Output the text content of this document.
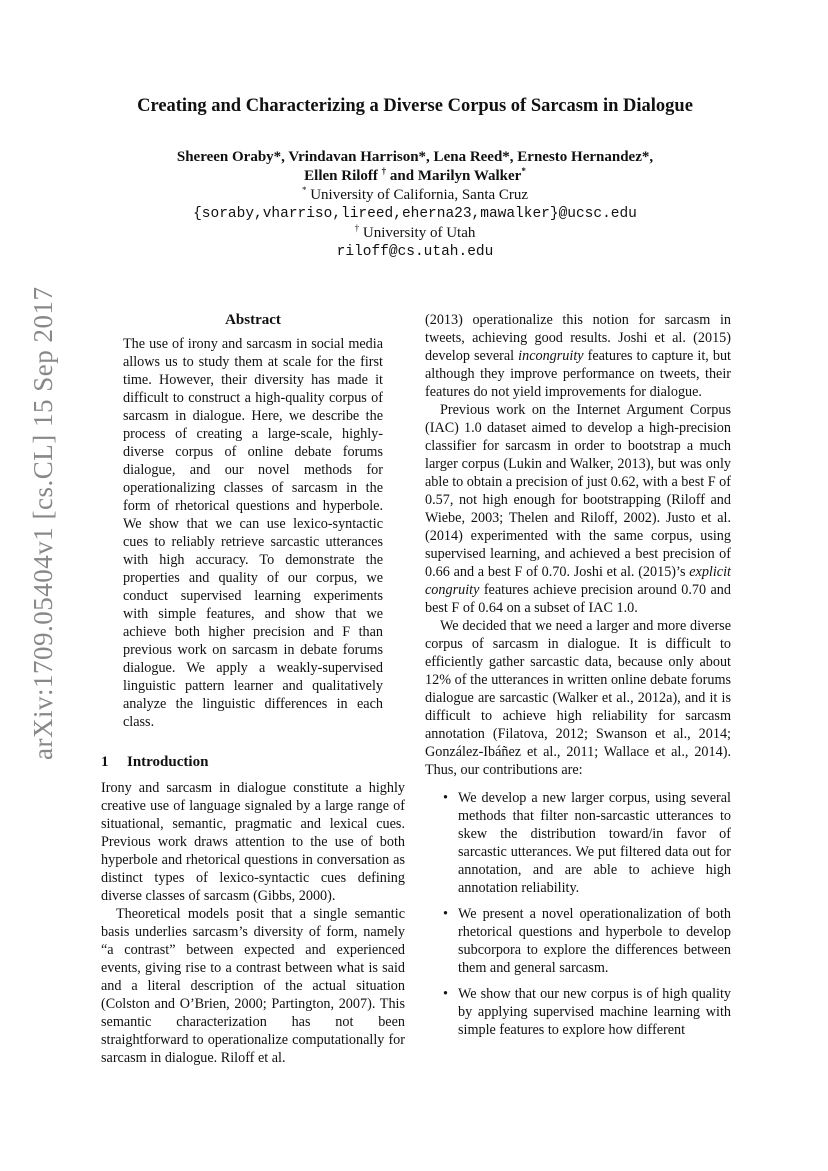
arXiv:1709.05404v1 [cs.CL] 15 Sep 2017
Creating and Characterizing a Diverse Corpus of Sarcasm in Dialogue
Shereen Oraby*, Vrindavan Harrison*, Lena Reed*, Ernesto Hernandez*,
Ellen Riloff † and Marilyn Walker*
* University of California, Santa Cruz
{soraby,vharriso,lireed,eherna23,mawalker}@ucsc.edu
† University of Utah
riloff@cs.utah.edu
Abstract
The use of irony and sarcasm in social media allows us to study them at scale for the first time. However, their diversity has made it difficult to construct a high-quality corpus of sarcasm in dialogue. Here, we describe the process of creating a large-scale, highly-diverse corpus of online debate forums dialogue, and our novel methods for operationalizing classes of sarcasm in the form of rhetorical questions and hyperbole. We show that we can use lexico-syntactic cues to reliably retrieve sarcastic utterances with high accuracy. To demonstrate the properties and quality of our corpus, we conduct supervised learning experiments with simple features, and show that we achieve both higher precision and F than previous work on sarcasm in debate forums dialogue. We apply a weakly-supervised linguistic pattern learner and qualitatively analyze the linguistic differences in each class.
1 Introduction

Irony and sarcasm in dialogue constitute a highly creative use of language signaled by a large range of situational, semantic, pragmatic and lexical cues. Previous work draws attention to the use of both hyperbole and rhetorical questions in conversation as distinct types of lexico-syntactic cues defining diverse classes of sarcasm (Gibbs, 2000).

Theoretical models posit that a single semantic basis underlies sarcasm’s diversity of form, namely “a contrast” between expected and experienced events, giving rise to a contrast between what is said and a literal description of the actual situation (Colston and O’Brien, 2000; Partington, 2007). This semantic characterization has not been straightforward to operationalize computationally for sarcasm in dialogue. Riloff et al.

(2013) operationalize this notion for sarcasm in tweets, achieving good results. Joshi et al. (2015) develop several incongruity features to capture it, but although they improve performance on tweets, their features do not yield improvements for dialogue.

Previous work on the Internet Argument Corpus (IAC) 1.0 dataset aimed to develop a high-precision classifier for sarcasm in order to bootstrap a much larger corpus (Lukin and Walker, 2013), but was only able to obtain a precision of just 0.62, with a best F of 0.57, not high enough for bootstrapping (Riloff and Wiebe, 2003; Thelen and Riloff, 2002). Justo et al. (2014) experimented with the same corpus, using supervised learning, and achieved a best precision of 0.66 and a best F of 0.70. Joshi et al. (2015)’s explicit congruity features achieve precision around 0.70 and best F of 0.64 on a subset of IAC 1.0.

We decided that we need a larger and more diverse corpus of sarcasm in dialogue. It is difficult to efficiently gather sarcastic data, because only about 12% of the utterances in written online debate forums dialogue are sarcastic (Walker et al., 2012a), and it is difficult to achieve high reliability for sarcasm annotation (Filatova, 2012; Swanson et al., 2014; González-Ibáñez et al., 2011; Wallace et al., 2014). Thus, our contributions are:

• We develop a new larger corpus, using several methods that filter non-sarcastic utterances to skew the distribution toward/in favor of sarcastic utterances. We put filtered data out for annotation, and are able to achieve high annotation reliability.
• We present a novel operationalization of both rhetorical questions and hyperbole to develop subcorpora to explore the differences between them and general sarcasm.
• We show that our new corpus is of high quality by applying supervised machine learning with simple features to explore how different
